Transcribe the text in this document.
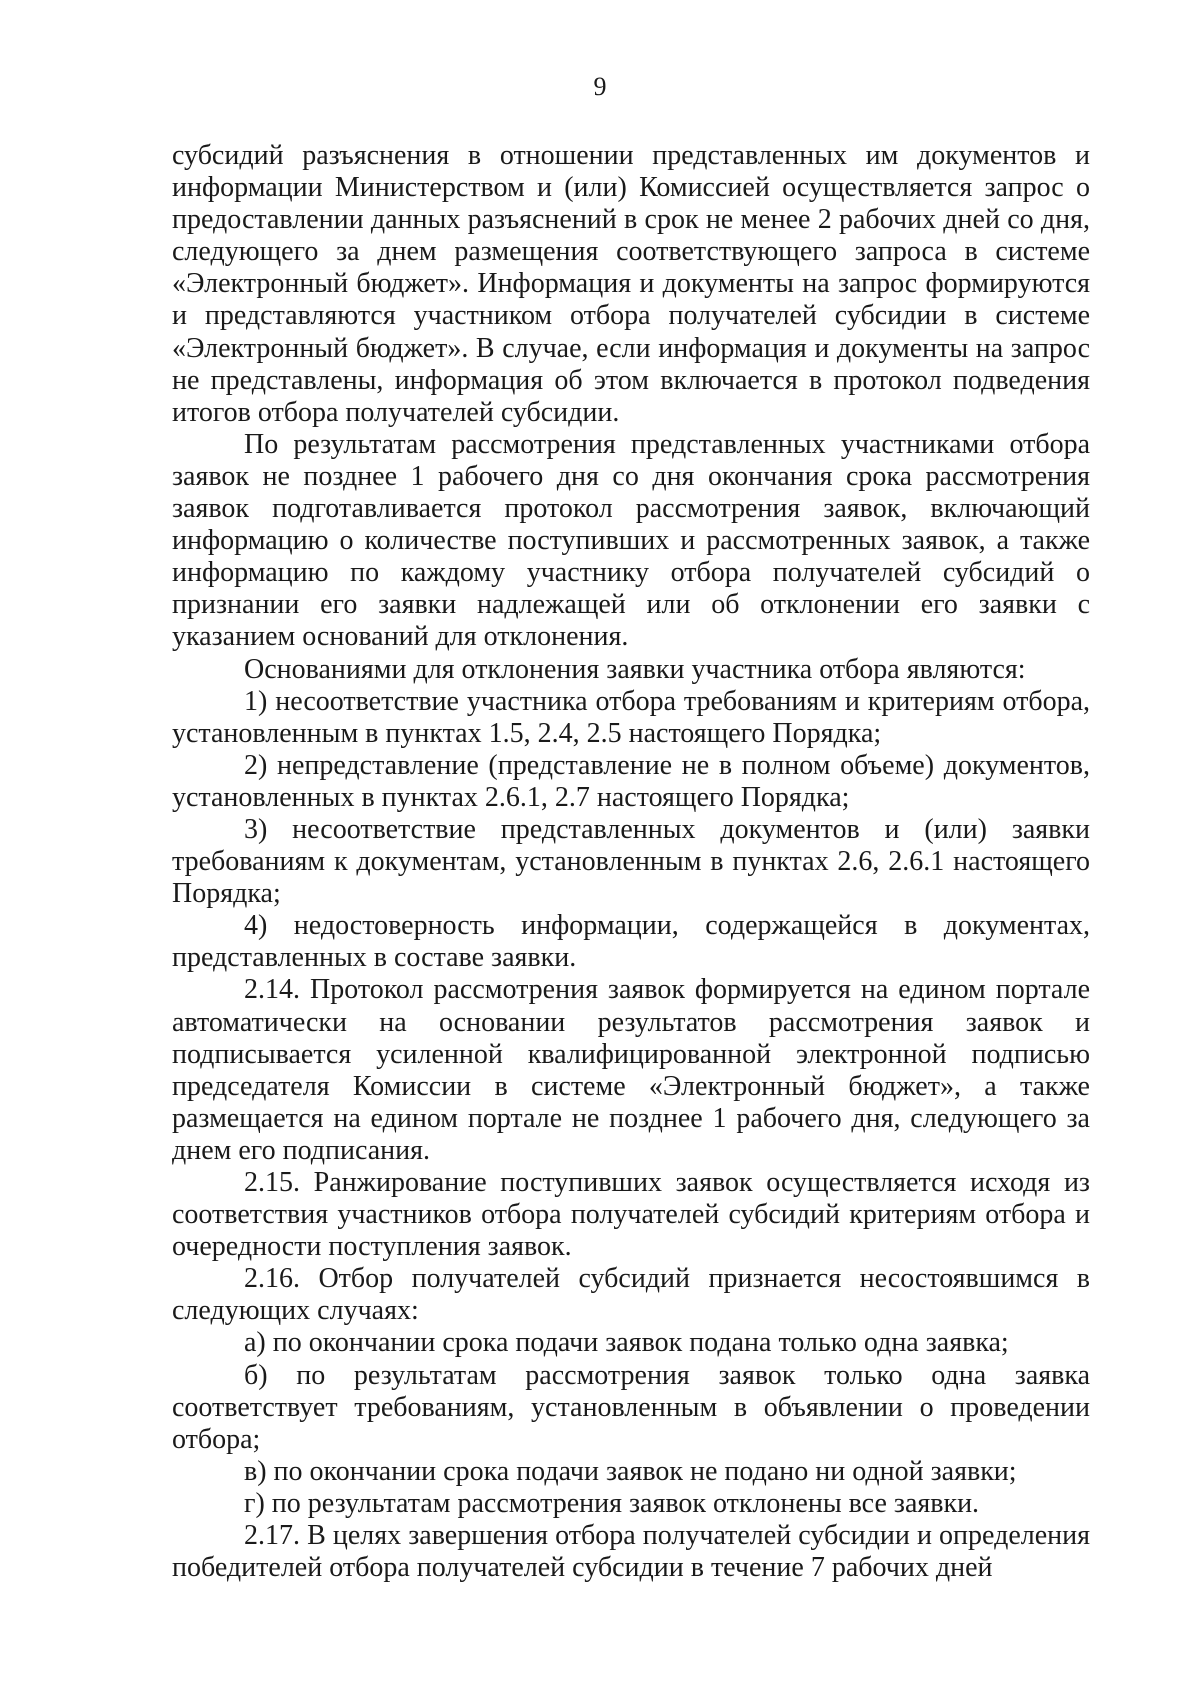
9

субсидий разъяснения в отношении представленных им документов и информации Министерством и (или) Комиссией осуществляется запрос о предоставлении данных разъяснений в срок не менее 2 рабочих дней со дня, следующего за днем размещения соответствующего запроса в системе «Электронный бюджет». Информация и документы на запрос формируются и представляются участником отбора получателей субсидии в системе «Электронный бюджет». В случае, если информация и документы на запрос не представлены, информация об этом включается в протокол подведения итогов отбора получателей субсидии.

По результатам рассмотрения представленных участниками отбора заявок не позднее 1 рабочего дня со дня окончания срока рассмотрения заявок подготавливается протокол рассмотрения заявок, включающий информацию о количестве поступивших и рассмотренных заявок, а также информацию по каждому участнику отбора получателей субсидий о признании его заявки надлежащей или об отклонении его заявки с указанием оснований для отклонения.

Основаниями для отклонения заявки участника отбора являются:

1) несоответствие участника отбора требованиям и критериям отбора, установленным в пунктах 1.5, 2.4, 2.5 настоящего Порядка;

2) непредставление (представление не в полном объеме) документов, установленных в пунктах 2.6.1, 2.7 настоящего Порядка;

3) несоответствие представленных документов и (или) заявки требованиям к документам, установленным в пунктах 2.6, 2.6.1 настоящего Порядка;

4) недостоверность информации, содержащейся в документах, представленных в составе заявки.

2.14. Протокол рассмотрения заявок формируется на едином портале автоматически на основании результатов рассмотрения заявок и подписывается усиленной квалифицированной электронной подписью председателя Комиссии в системе «Электронный бюджет», а также размещается на едином портале не позднее 1 рабочего дня, следующего за днем его подписания.

2.15. Ранжирование поступивших заявок осуществляется исходя из соответствия участников отбора получателей субсидий критериям отбора и очередности поступления заявок.

2.16. Отбор получателей субсидий признается несостоявшимся в следующих случаях:

а) по окончании срока подачи заявок подана только одна заявка;

б) по результатам рассмотрения заявок только одна заявка соответствует требованиям, установленным в объявлении о проведении отбора;

в) по окончании срока подачи заявок не подано ни одной заявки;

г) по результатам рассмотрения заявок отклонены все заявки.

2.17. В целях завершения отбора получателей субсидии и определения победителей отбора получателей субсидии в течение 7 рабочих дней
